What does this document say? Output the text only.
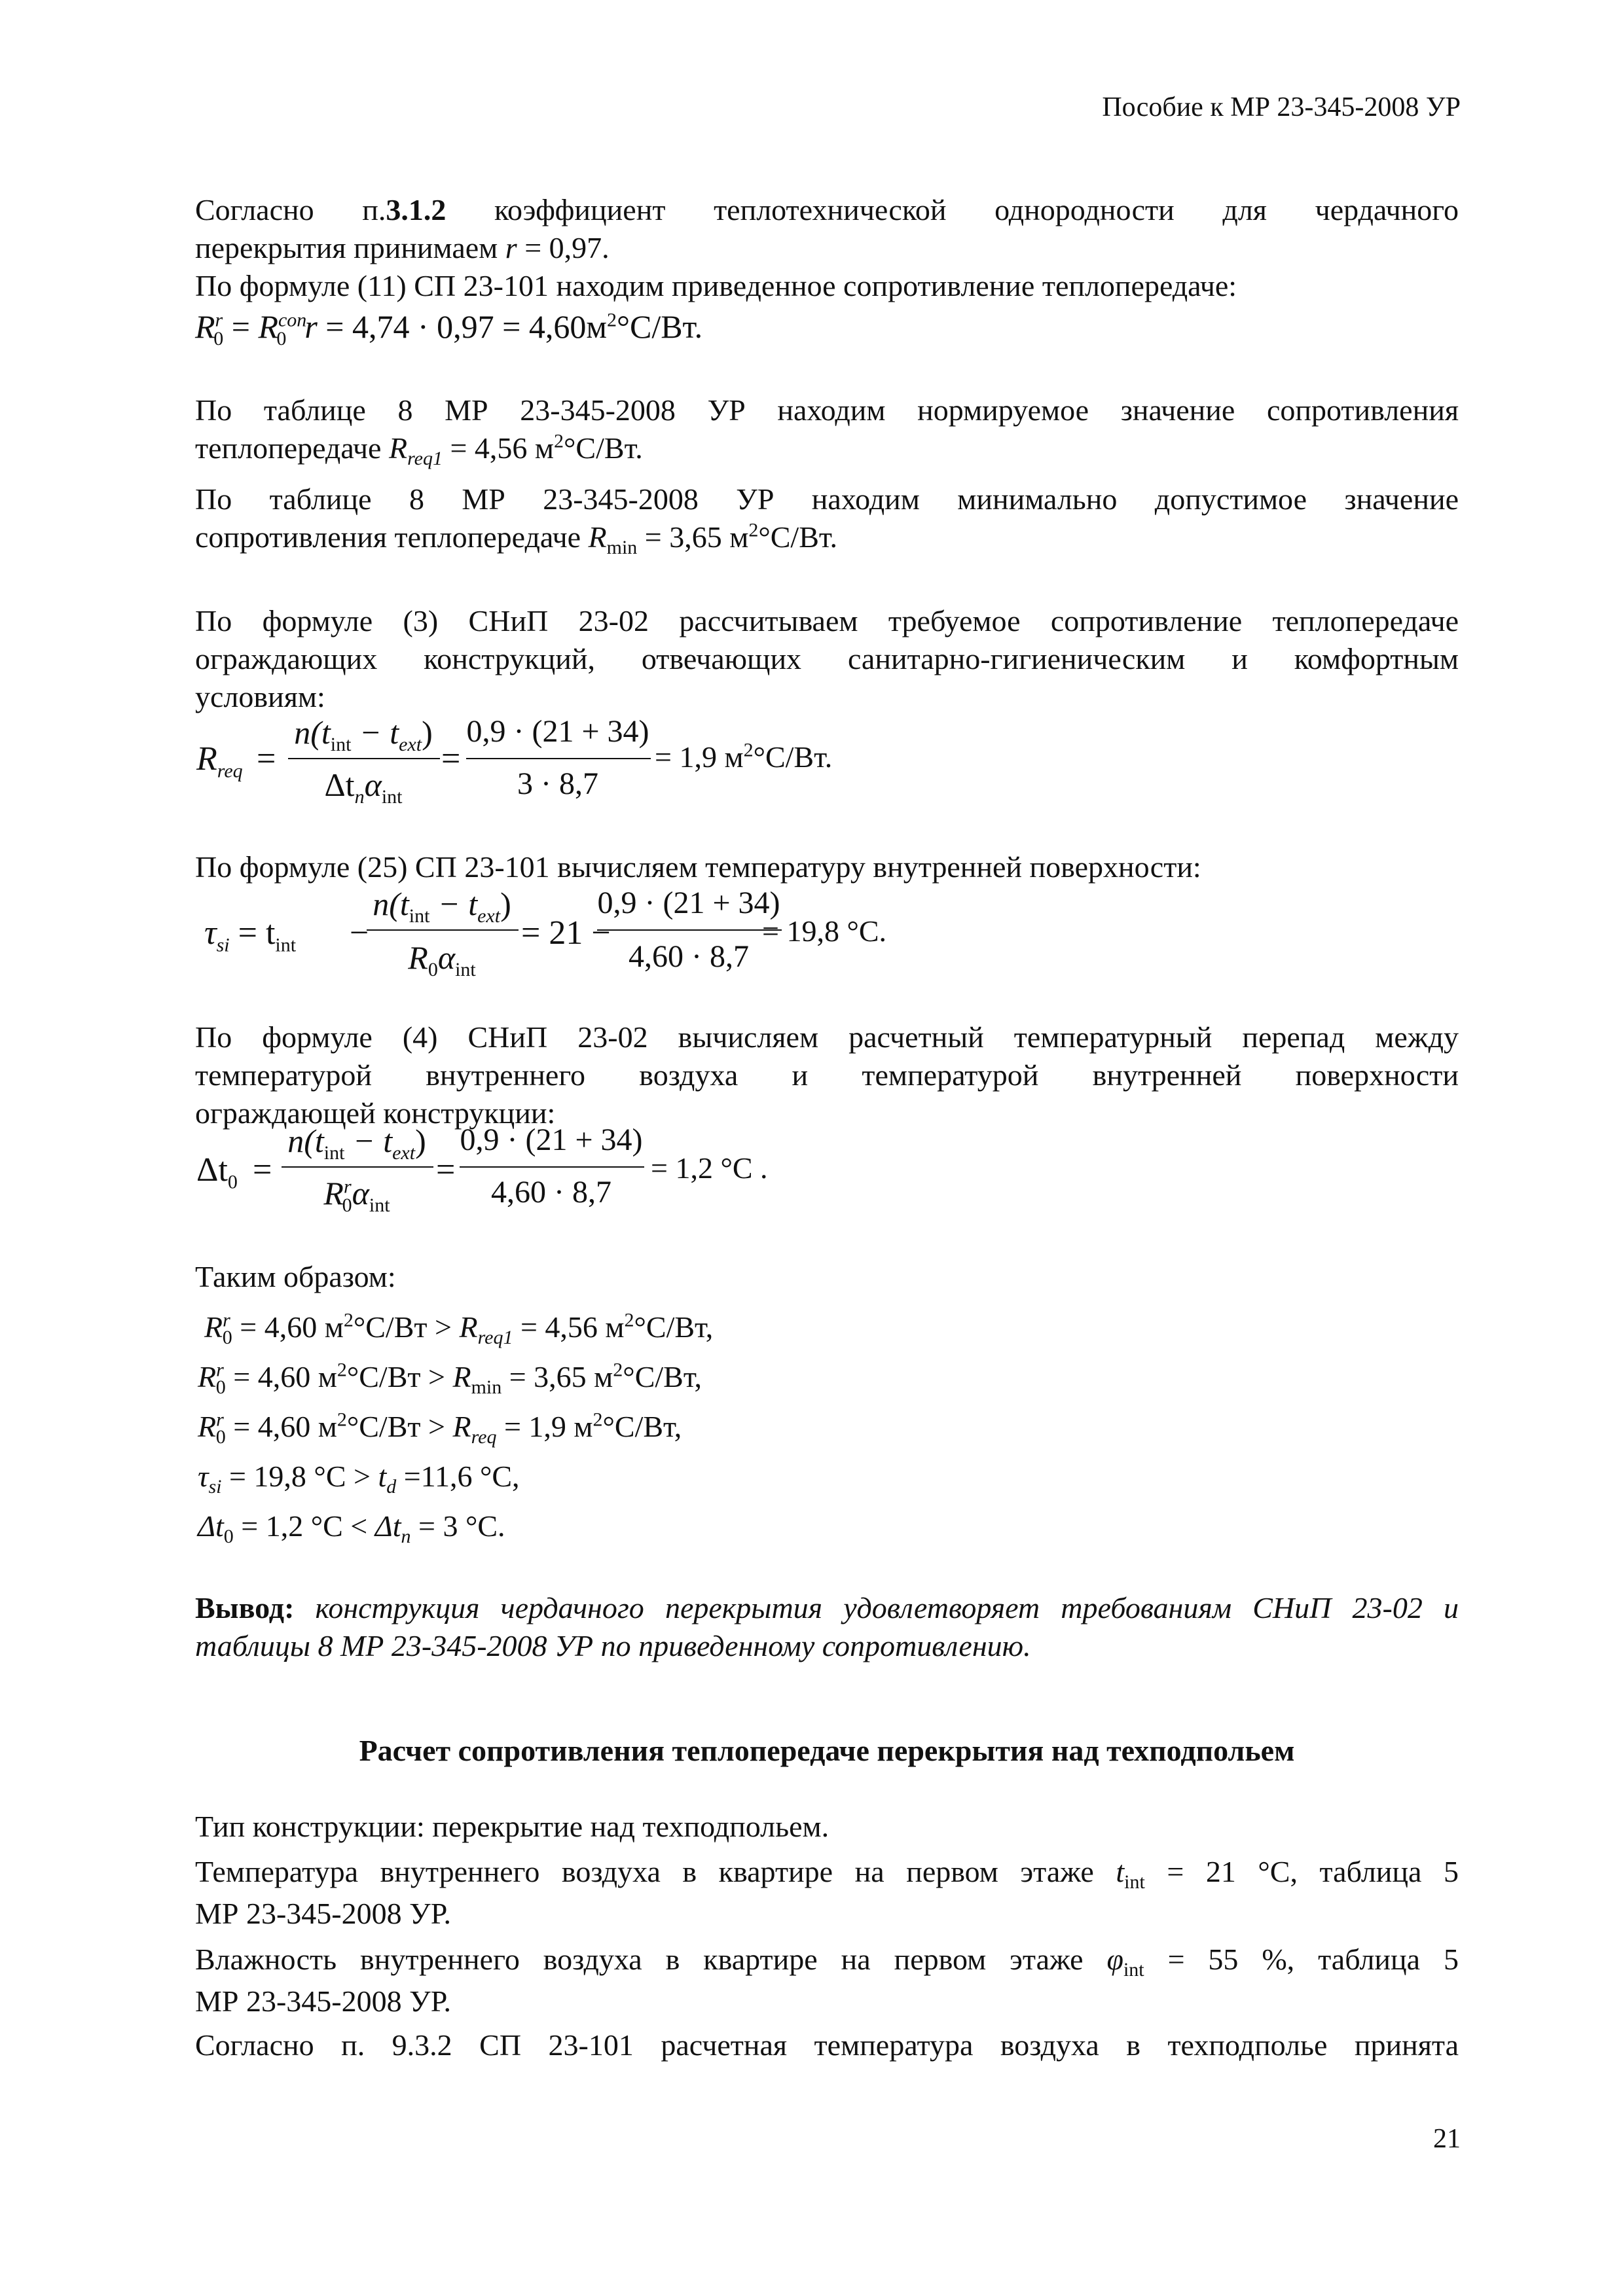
Пособие к МР 23-345-2008 УР
Согласно п.3.1.2 коэффициент теплотехнической однородности для чердачного
перекрытия принимаем r = 0,97.
По формуле (11) СП 23-101 находим приведенное сопротивление теплопередаче:
$R^r_0 = R^{con}_0$ $r = 4,74 \cdot 0,97 = 4,60м^2^\circ С/Вт$.
По таблице 8 МР 23-345-2008 УР находим нормируемое значение сопротивления
теплопередаче $R_{req1} = 4,56$ $м^2^\circ С/Вт$.
По таблице 8 МР 23-345-2008 УР находим минимально допустимое значение
сопротивления теплопередаче $R_{min} = 3,65$ $м^2^\circ С/Вт$.
По формуле (3) СНиП 23-02 рассчитываем требуемое сопротивление теплопередаче
ограждающих конструкций, отвечающих санитарно-гигиеническим и комфортным
условиям:
$R_{req}$ =
$n(t_{int} - t_{ext})$
$\Delta t_n\alpha_{int}$
=
0,9 · (21 + 34)
3 · 8,7
= 1,9 $м^2^\circ С/Вт$.
По формуле (25) СП 23-101 вычисляем температуру внутренней поверхности:
$\tau_{si} = t_{int}$ −
$n(t_{int} - t_{ext})$
$R_0\alpha_{int}$
= 21 −
0,9 · (21 + 34)
4,60 · 8,7
= 19,8 °С.
По формуле (4) СНиП 23-02 вычисляем расчетный температурный перепад между
температурой внутреннего воздуха и температурой внутренней поверхности
ограждающей конструкции:
$\Delta t_0$ =
$n(t_{int} - t_{ext})$
$R^r_0\alpha_{int}$
=
0,9 · (21 + 34)
4,60 · 8,7
= 1,2 °С .
Таким образом:
$R^r_0 = 4,60$ $м^2^\circ С/Вт > R_{req1} = 4,56$ $м^2^\circ С/Вт$,
$R^r_0 = 4,60$ $м^2^\circ С/Вт > R_{min} = 3,65$ $м^2^\circ С/Вт$,
$R^r_0 = 4,60$ $м^2^\circ С/Вт > R_{req} = 1,9$ $м^2^\circ С/Вт$,
$\tau_{si} = 19,8$ $^\circ С > t_d =11,6$ °С,
$\Delta t_0 = 1,2$ $^\circ С < \Delta t_n = 3$ °С.
Вывод: конструкция чердачного перекрытия удовлетворяет требованиям СНиП 23-02 и
таблицы 8 МР 23-345-2008 УР по приведенному сопротивлению.
Расчет сопротивления теплопередаче перекрытия над техподпольем
Тип конструкции: перекрытие над техподпольем.
Температура внутреннего воздуха в квартире на первом этаже $t_{int} = 21$ °С, таблица 5
МР 23-345-2008 УР.
Влажность внутреннего воздуха в квартире на первом этаже $\varphi_{int} = 55$ %, таблица 5
МР 23-345-2008 УР.
Согласно п. 9.3.2 СП 23-101 расчетная температура воздуха в техподполье принята
21
